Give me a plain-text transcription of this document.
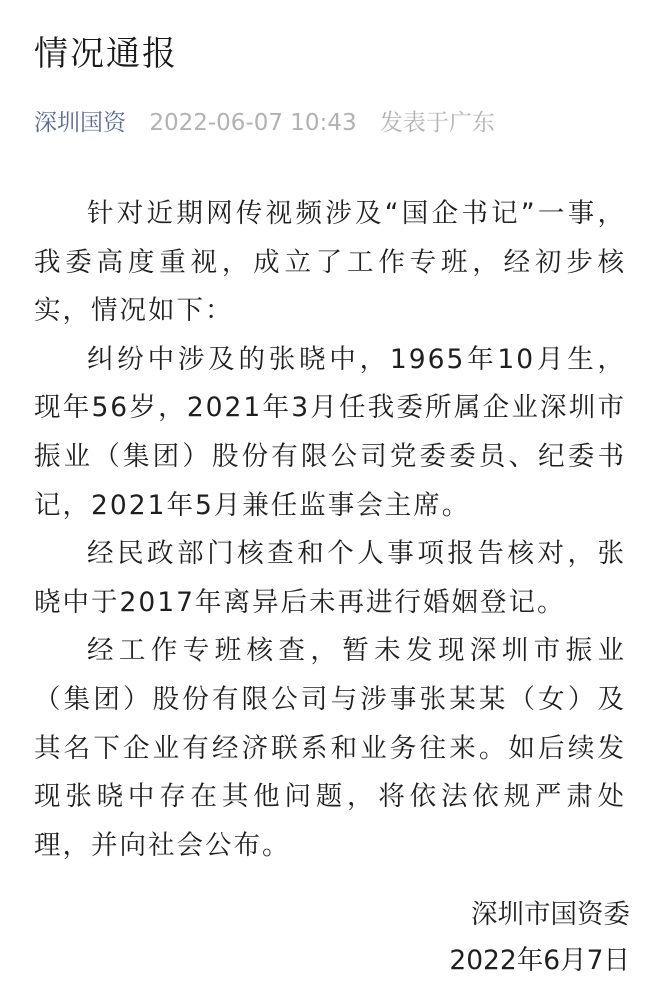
情况通报
深圳国资 2022-06-07 10:43 发表于广东

针对近期网传视频涉及“国企书记”一事，我委高度重视，成立了工作专班，经初步核实，情况如下：

纠纷中涉及的张晓中，1965年10月生，现年56岁，2021年3月任我委所属企业深圳市振业（集团）股份有限公司党委委员、纪委书记，2021年5月兼任监事会主席。

经民政部门核查和个人事项报告核对，张晓中于2017年离异后未再进行婚姻登记。

经工作专班核查，暂未发现深圳市振业（集团）股份有限公司与涉事张某某（女）及其名下企业有经济联系和业务往来。如后续发现张晓中存在其他问题，将依法依规严肃处理，并向社会公布。

深圳市国资委
2022年6月7日
